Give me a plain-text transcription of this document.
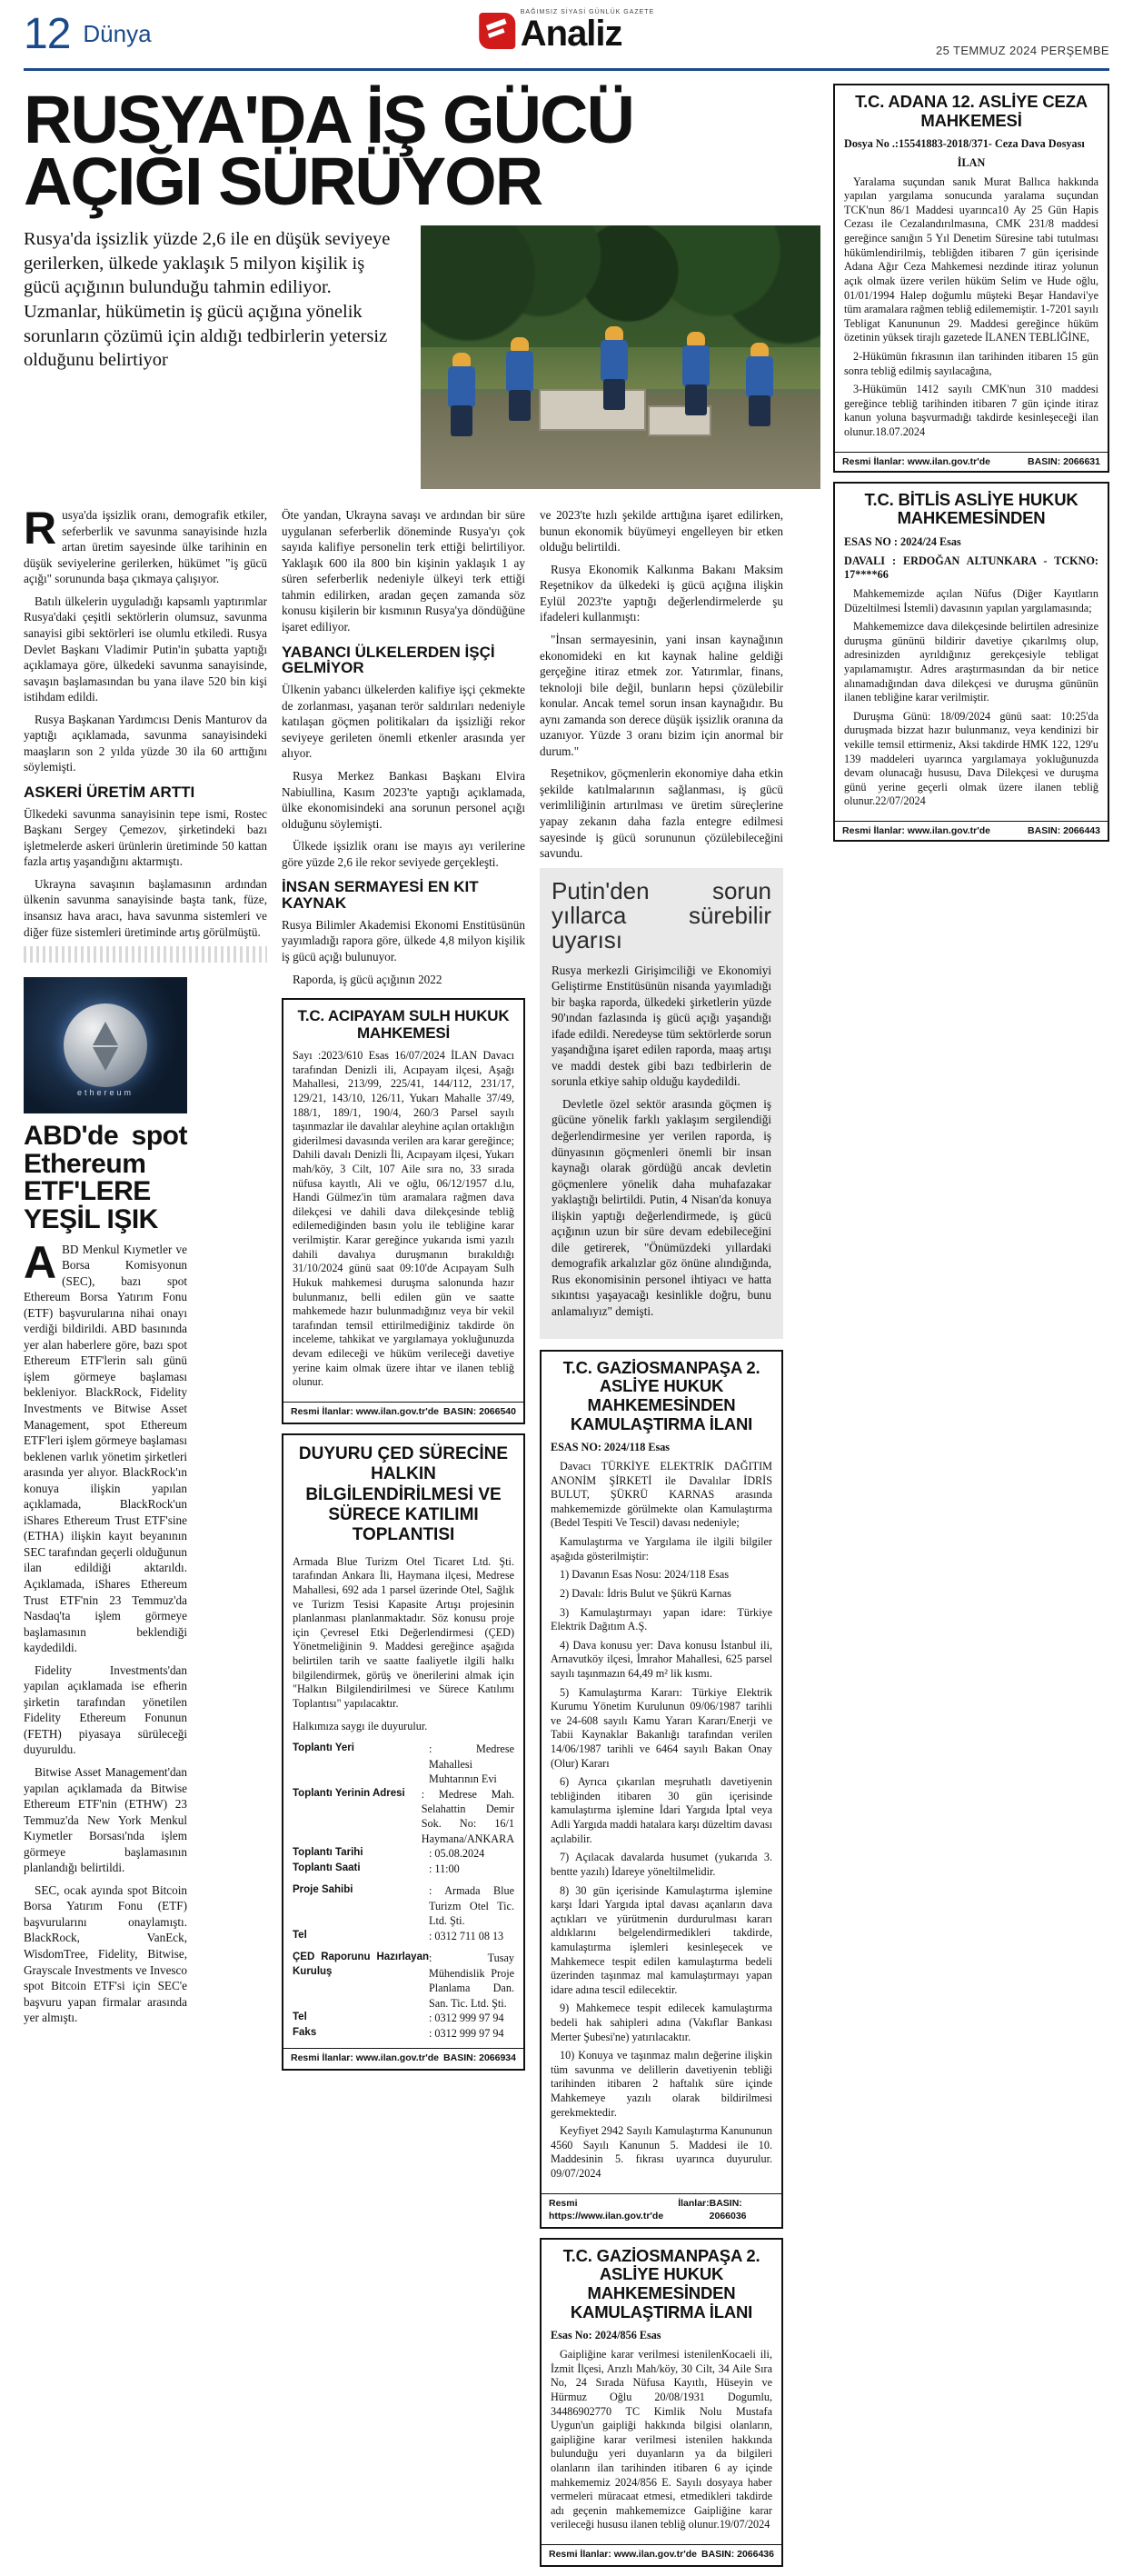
12 Dünya
BAĞIMSIZ SİYASİ GÜNLÜK GAZETE
Analiz	25 TEMMUZ 2024 PERŞEMBE
RUSYA'DA İŞ GÜCÜ
AÇIĞI SÜRÜYOR
Rusya'da işsizlik yüzde 2,6 ile en düşük seviyeye gerilerken, ülkede yaklaşık 5 milyon kişilik iş gücü açığının bulunduğu tahmin ediliyor. Uzmanlar, hükümetin iş gücü açığına yönelik sorunların çözümü için aldığı tedbirlerin yetersiz olduğunu belirtiyor

Rusya'da işsizlik oranı, demografik etkiler, seferberlik ve savunma sanayisinde hızla artan üretim sayesinde ülke tarihinin en düşük seviyelerine gerilerken, hükümet "iş gücü açığı" sorununda başa çıkmaya çalışıyor.

Batılı ülkelerin uyguladığı kapsamlı yaptırımlar Rusya'daki çeşitli sektörlerin olumsuz, savunma sanayisi gibi sektörleri ise olumlu etkiledi. Rusya Devlet Başkanı Vladimir Putin'in şubatta yaptığı açıklamaya göre, ülkedeki savunma sanayisinde, savaşın başlamasından bu yana ilave 520 bin kişi istihdam edildi.

Rusya Başkanan Yardımcısı Denis Manturov da yaptığı açıklamada, savunma sanayisindeki maaşların son 2 yılda yüzde 30 ila 60 arttığını söylemişti.

ASKERİ ÜRETİM ARTTI

Ülkedeki savunma sanayisinin tepe ismi, Rostec Başkanı Sergey Çemezov, şirketindeki bazı işletmelerde askeri ürünlerin üretiminde 50 kattan fazla artış yaşandığını aktarmıştı.

Ukrayna savaşının başlamasının ardından ülkenin savunma sanayisinde başta tank, füze, insansız hava aracı, hava savunma sistemleri ve diğer füze sistemleri üretiminde artış görülmüştü.

ethereum
ABD'de spot Ethereum ETF'LERE YEŞİL IŞIK

ABD Menkul Kıymetler ve Borsa Komisyonun (SEC), bazı spot Ethereum Borsa Yatırım Fonu (ETF) başvurularına nihai onayı verdiği bildirildi. ABD basınında yer alan haberlere göre, bazı spot Ethereum ETF'lerin salı günü işlem görmeye başlaması bekleniyor. BlackRock, Fidelity Investments ve Bitwise Asset Management, spot Ethereum ETF'leri işlem görmeye başlaması beklenen varlık yönetim şirketleri arasında yer alıyor. BlackRock'ın konuya ilişkin yapılan açıklamada, BlackRock'un iShares Ethereum Trust ETF'sine (ETHA) ilişkin kayıt beyanının SEC tarafından geçerli olduğunun ilan edildiği aktarıldı. Açıklamada, iShares Ethereum Trust ETF'nin 23 Temmuz'da Nasdaq'ta işlem görmeye başlamasının beklendiği kaydedildi.

Fidelity Investments'dan yapılan açıklamada ise efherin şirketin tarafından yönetilen Fidelity Ethereum Fonunun (FETH) piyasaya sürüleceği duyuruldu.

Bitwise Asset Management'dan yapılan açıklamada da Bitwise Ethereum ETF'nin (ETHW) 23 Temmuz'da New York Menkul Kıymetler Borsası'nda işlem görmeye başlamasının planlandığı belirtildi.

SEC, ocak ayında spot Bitcoin Borsa Yatırım Fonu (ETF) başvurularını onaylamıştı. BlackRock, VanEck, WisdomTree, Fidelity, Bitwise, Grayscale Investments ve Invesco spot Bitcoin ETF'si için SEC'e başvuru yapan firmalar arasında yer almıştı.

Öte yandan, Ukrayna savaşı ve ardından bir süre uygulanan seferberlik döneminde Rusya'yı çok sayıda kalifiye personelin terk ettiği belirtiliyor. Yaklaşık 600 ila 800 bin kişinin yaklaşık 1 ay süren seferberlik nedeniyle ülkeyi terk ettiği tahmin edilirken, aradan geçen zamanda söz konusu kişilerin bir kısmının Rusya'ya döndüğüne işaret ediliyor.

YABANCI ÜLKELERDEN İŞÇİ GELMİYOR

Ülkenin yabancı ülkelerden kalifiye işçi çekmekte de zorlanması, yaşanan terör saldırıları nedeniyle katılaşan göçmen politikaları da işsizliği rekor seviyeye gerileten önemli etkenler arasında yer alıyor.

Rusya Merkez Bankası Başkanı Elvira Nabiullina, Kasım 2023'te yaptığı açıklamada, ülke ekonomisindeki ana sorunun personel açığı olduğunu söylemişti.

Ülkede işsizlik oranı ise mayıs ayı verilerine göre yüzde 2,6 ile rekor seviyede gerçekleşti.

İNSAN SERMAYESİ EN KIT KAYNAK

Rusya Bilimler Akademisi Ekonomi Enstitüsünün yayımladığı rapora göre, ülkede 4,8 milyon kişilik iş gücü açığı bulunuyor.

Raporda, iş gücü açığının 2022

T.C. ACIPAYAM SULH HUKUK MAHKEMESİ

Sayı :2023/610 Esas 16/07/2024 İLAN Davacı tarafından Denizli ili, Acıpayam ilçesi, Aşağı Mahallesi, 213/99, 225/41, 144/112, 231/17, 129/21, 143/10, 126/11, Yukarı Mahalle 37/49, 188/1, 189/1, 190/4, 260/3 Parsel sayılı taşınmazlar ile davalılar aleyhine açılan ortaklığın giderilmesi davasında verilen ara karar gereğince; Dahili davalı Denizli İli, Acıpayam ilçesi, Yukarı mah/köy, 3 Cilt, 107 Aile sıra no, 33 sırada nüfusa kayıtlı, Ali ve oğlu, 06/12/1957 d.lu, Handi Gülmez'in tüm aramalara rağmen dava dilekçesi ve dahili dava dilekçesinde tebliğ edilemediğinden basın yolu ile tebliğine karar verilmiştir. Karar gereğince yukarıda ismi yazılı dahili davalıya duruşmanın bırakıldığı 31/10/2024 günü saat 09:10'de Acıpayam Sulh Hukuk mahkemesi duruşma salonunda hazır bulunmanız, belli edilen gün ve saatte mahkemede hazır bulunmadığınız veya bir vekil tarafından temsil ettirilmediğiniz takdirde ön inceleme, tahkikat ve yargılamaya yokluğunuzda devam edileceği ve hüküm verileceği davetiye yerine kaim olmak üzere ihtar ve ilanen tebliğ olunur.

Resmi İlanlar: www.ilan.gov.tr'de BASIN: 2066540
DUYURU ÇED SÜRECİNE HALKIN BİLGİLENDİRİLMESİ VE SÜRECE KATILIMI TOPLANTISI

Armada Blue Turizm Otel Ticaret Ltd. Şti. tarafından Ankara İli, Haymana ilçesi, Medrese Mahallesi, 692 ada 1 parsel üzerinde Otel, Sağlık ve Turizm Tesisi Kapasite Artışı projesinin planlanması planlanmaktadır. Söz konusu proje için Çevresel Etki Değerlendirmesi (ÇED) Yönetmeliğinin 9. Maddesi gereğince aşağıda belirtilen tarih ve saatte faaliyetle ilgili halkı bilgilendirmek, görüş ve önerilerini almak için "Halkın Bilgilendirilmesi ve Sürece Katılımı Toplantısı" yapılacaktır.

Halkımıza saygı ile duyurulur.

Toplantı Yeri	: Medrese Mahallesi Muhtarının Evi
Toplantı Yerinin Adresi	: Medrese Mah. Selahattin Demir Sok. No: 16/1 Haymana/ANKARA
Toplantı Tarihi	: 05.08.2024
Toplantı Saati	: 11:00
Proje Sahibi	: Armada Blue Turizm Otel Tic. Ltd. Şti.
Tel	: 0312 711 08 13
ÇED Raporunu Hazırlayan Kuruluş
: Tusay Mühendislik Proje Planlama Dan. San. Tic. Ltd. Şti.
Tel	: 0312 999 97 94
Faks	: 0312 999 97 94
Resmi İlanlar: www.ilan.gov.tr'de BASIN: 2066934

ve 2023'te hızlı şekilde arttığına işaret edilirken, bunun ekonomik büyümeyi engelleyen bir etken olduğu belirtildi.

Rusya Ekonomik Kalkınma Bakanı Maksim Reşetnikov da ülkedeki iş gücü açığına ilişkin Eylül 2023'te yaptığı değerlendirmelerde şu ifadeleri kullanmıştı:

"İnsan sermayesinin, yani insan kaynağının ekonomideki en kıt kaynak haline geldiği gerçeğine itiraz etmek zor. Yatırımlar, finans, teknoloji bile değil, bunların hepsi çözülebilir konular. Ancak temel sorun insan kaynağıdır. Bu aynı zamanda son derece düşük işsizlik oranına da uzanıyor. Yüzde 3 oranı bizim için anormal bir durum."

Reşetnikov, göçmenlerin ekonomiye daha etkin şekilde katılmalarının sağlanması, iş gücü verimliliğinin artırılması ve üretim süreçlerine yapay zekanın daha fazla entegre edilmesi sayesinde iş gücü sorununun çözülebileceğini savundu.

Putin'den sorun yıllarca sürebilir uyarısı

Rusya merkezli Girişimciliği ve Ekonomiyi Geliştirme Enstitüsünün nisanda yayımladığı bir başka raporda, ülkedeki şirketlerin yüzde 90'ından fazlasında iş gücü açığı yaşandığı ifade edildi. Neredeyse tüm sektörlerde sorun yaşandığına işaret edilen raporda, maaş artışı ve maddi destek gibi bazı tedbirlerin de sorunla etkiye sahip olduğu kaydedildi.

Devletle özel sektör arasında göçmen iş gücüne yönelik farklı yaklaşım sergilendiği değerlendirmesine yer verilen raporda, iş dünyasının göçmenleri önemli bir insan kaynağı olarak gördüğü ancak devletin göçmenlere yönelik daha muhafazakar yaklaştığı belirtildi. Putin, 4 Nisan'da konuya ilişkin yaptığı değerlendirmede, iş gücü açığının uzun bir süre devam edebileceğini dile getirerek, "Önümüzdeki yıllardaki demografik arkalızlar göz önüne alındığında, Rus ekonomisinin personel ihtiyacı ve hatta sıkıntısı yaşayacağı kesinlikle doğru, bunu anlamalıyız" demişti.

T.C. GAZİOSMANPAŞA 2. ASLİYE HUKUK MAHKEMESİNDEN KAMULAŞTIRMA İLANI

ESAS NO: 2024/118 Esas

Davacı TÜRKİYE ELEKTRİK DAĞITIM ANONİM ŞİRKETİ ile Davalılar İDRİS BULUT, ŞÜKRÜ KARNAS arasında mahkememizde görülmekte olan Kamulaştırma (Bedel Tespiti Ve Tescil) davası nedeniyle;

Kamulaştırma ve Yargılama ile ilgili bilgiler aşağıda gösterilmiştir:

1) Davanın Esas Nosu: 2024/118 Esas

2) Davalı: İdris Bulut ve Şükrü Karnas

3) Kamulaştırmayı yapan idare: Türkiye Elektrik Dağıtım A.Ş.

4) Dava konusu yer: Dava konusu İstanbul ili, Arnavutköy ilçesi, İmrahor Mahallesi, 625 parsel sayılı taşınmazın 64,49 m² lik kısmı.

5) Kamulaştırma Kararı: Türkiye Elektrik Kurumu Yönetim Kurulunun 09/06/1987 tarihli ve 24-608 sayılı Kamu Yararı Kararı/Enerji ve Tabii Kaynaklar Bakanlığı tarafından verilen 14/06/1987 tarihli ve 6464 sayılı Bakan Onay (Olur) Kararı

6) Ayrıca çıkarılan meşruhatlı davetiyenin tebliğinden itibaren 30 gün içerisinde kamulaştırma işlemine İdari Yargıda İptal veya Adli Yargıda maddi hatalara karşı düzeltim davası açılabilir.

7) Açılacak davalarda husumet (yukarıda 3. bentte yazılı) İdareye yöneltilmelidir.

8) 30 gün içerisinde Kamulaştırma işlemine karşı İdari Yargıda iptal davası açanların dava açtıkları ve yürütmenin durdurulması kararı aldıklarını belgelendirmedikleri takdirde, kamulaştırma işlemleri kesinleşecek ve Mahkemece tespit edilen kamulaştırma bedeli üzerinden taşınmaz mal kamulaştırmayı yapan idare adına tescil edilecektir.

9) Mahkemece tespit edilecek kamulaştırma bedeli hak sahipleri adına (Vakıflar Bankası Merter Şubesi'ne) yatırılacaktır.

10) Konuya ve taşınmaz malın değerine ilişkin tüm savunma ve delillerin davetiyenin tebliği tarihinden itibaren 2 haftalık süre içinde Mahkemeye yazılı olarak bildirilmesi gerekmektedir.

Keyfiyet 2942 Sayılı Kamulaştırma Kanununun 4560 Sayılı Kanunun 5. Maddesi ile 10. Maddesinin 5. fıkrası uyarınca duyurulur. 09/07/2024

Resmi İlanlar: https://www.ilan.gov.tr'de
BASIN: 2066036
T.C. GAZİOSMANPAŞA 2. ASLİYE HUKUK MAHKEMESİNDEN KAMULAŞTIRMA İLANI

Esas No: 2024/856 Esas

Gaipliğine karar verilmesi istenilenKocaeli ili, İzmit İlçesi, Arızlı Mah/köy, 30 Cilt, 34 Aile Sıra No, 24 Sırada Nüfusa Kayıtlı, Hüseyin ve Hürmuz Oğlu 20/08/1931 Dogumlu, 34486902770 TC Kimlik Nolu Mustafa Uygun'un gaipliği hakkında bilgisi olanların, gaipliğine karar verilmesi istenilen hakkında bulunduğu yeri duyanların ya da bilgileri olanların ilan tarihinden itibaren 6 ay içinde mahkememiz 2024/856 E. Sayılı dosyaya haber vermeleri müracaat etmesi, etmedikleri takdirde adı geçenin mahkememizce Gaipliğine karar verileceği hususu ilanen tebliğ olunur.19/07/2024

Resmi İlanlar: www.ilan.gov.tr'de BASIN: 2066436
T.C. ADANA 12. ASLİYE CEZA MAHKEMESİ

Dosya No .:15541883-2018/371- Ceza Dava Dosyası

İLAN

Yaralama suçundan sanık Murat Ballıca hakkında yapılan yargılama sonucunda yaralama suçundan TCK'nun 86/1 Maddesi uyarınca10 Ay 25 Gün Hapis Cezası ile Cezalandırılmasına, CMK 231/8 maddesi gereğince sanığın 5 Yıl Denetim Süresine tabi tutulması hükümlendirilmiş, tebliğden itibaren 7 gün içerisinde Adana Ağır Ceza Mahkemesi nezdinde itiraz yolunun açık olmak üzere verilen hüküm Selim ve Hude oğlu, 01/01/1994 Halep doğumlu müşteki Beşar Handavi'ye tüm aramalara rağmen tebliğ edilememiştir. 1-7201 sayılı Tebligat Kanununun 29. Maddesi gereğince hüküm özetinin yüksek tirajlı gazetede İLANEN TEBLİĞİNE,

2-Hükümün fıkrasının ilan tarihinden itibaren 15 gün sonra tebliğ edilmiş sayılacağına,

3-Hükümün 1412 sayılı CMK'nun 310 maddesi gereğince tebliğ tarihinden itibaren 7 gün içinde itiraz kanun yoluna başvurmadığı takdirde kesinleşeceği ilan olunur.18.07.2024

Resmi İlanlar: www.ilan.gov.tr'de	BASIN: 2066631
T.C. BİTLİS ASLİYE HUKUK MAHKEMESİNDEN

ESAS NO : 2024/24 Esas

DAVALI : ERDOĞAN ALTUNKARA - TCKNO: 17****66

Mahkememizde açılan Nüfus (Diğer Kayıtların Düzeltilmesi İstemli) davasının yapılan yargılamasında;

Mahkememizce dava dilekçesinde belirtilen adresinize duruşma gününü bildirir davetiye çıkarılmış olup, adresinizden ayrıldığınız gerekçesiyle tebligat yapılamamıştır. Adres araştırmasından da bir netice alınamadığından dava dilekçesi ve duruşma gününün ilanen tebliğine karar verilmiştir.

Duruşma Günü: 18/09/2024 günü saat: 10:25'da duruşmada bizzat hazır bulunmanız, veya kendinizi bir vekille temsil ettirmeniz, Aksi takdirde HMK 122, 129'u 139 maddeleri uyarınca yargılamaya yokluğunuzda devam olunacağı hususu, Dava Dilekçesi ve duruşma günü yerine geçerli olmak üzere ilanen tebliğ olunur.22/07/2024

Resmi İlanlar: www.ilan.gov.tr'de	BASIN: 2066443
